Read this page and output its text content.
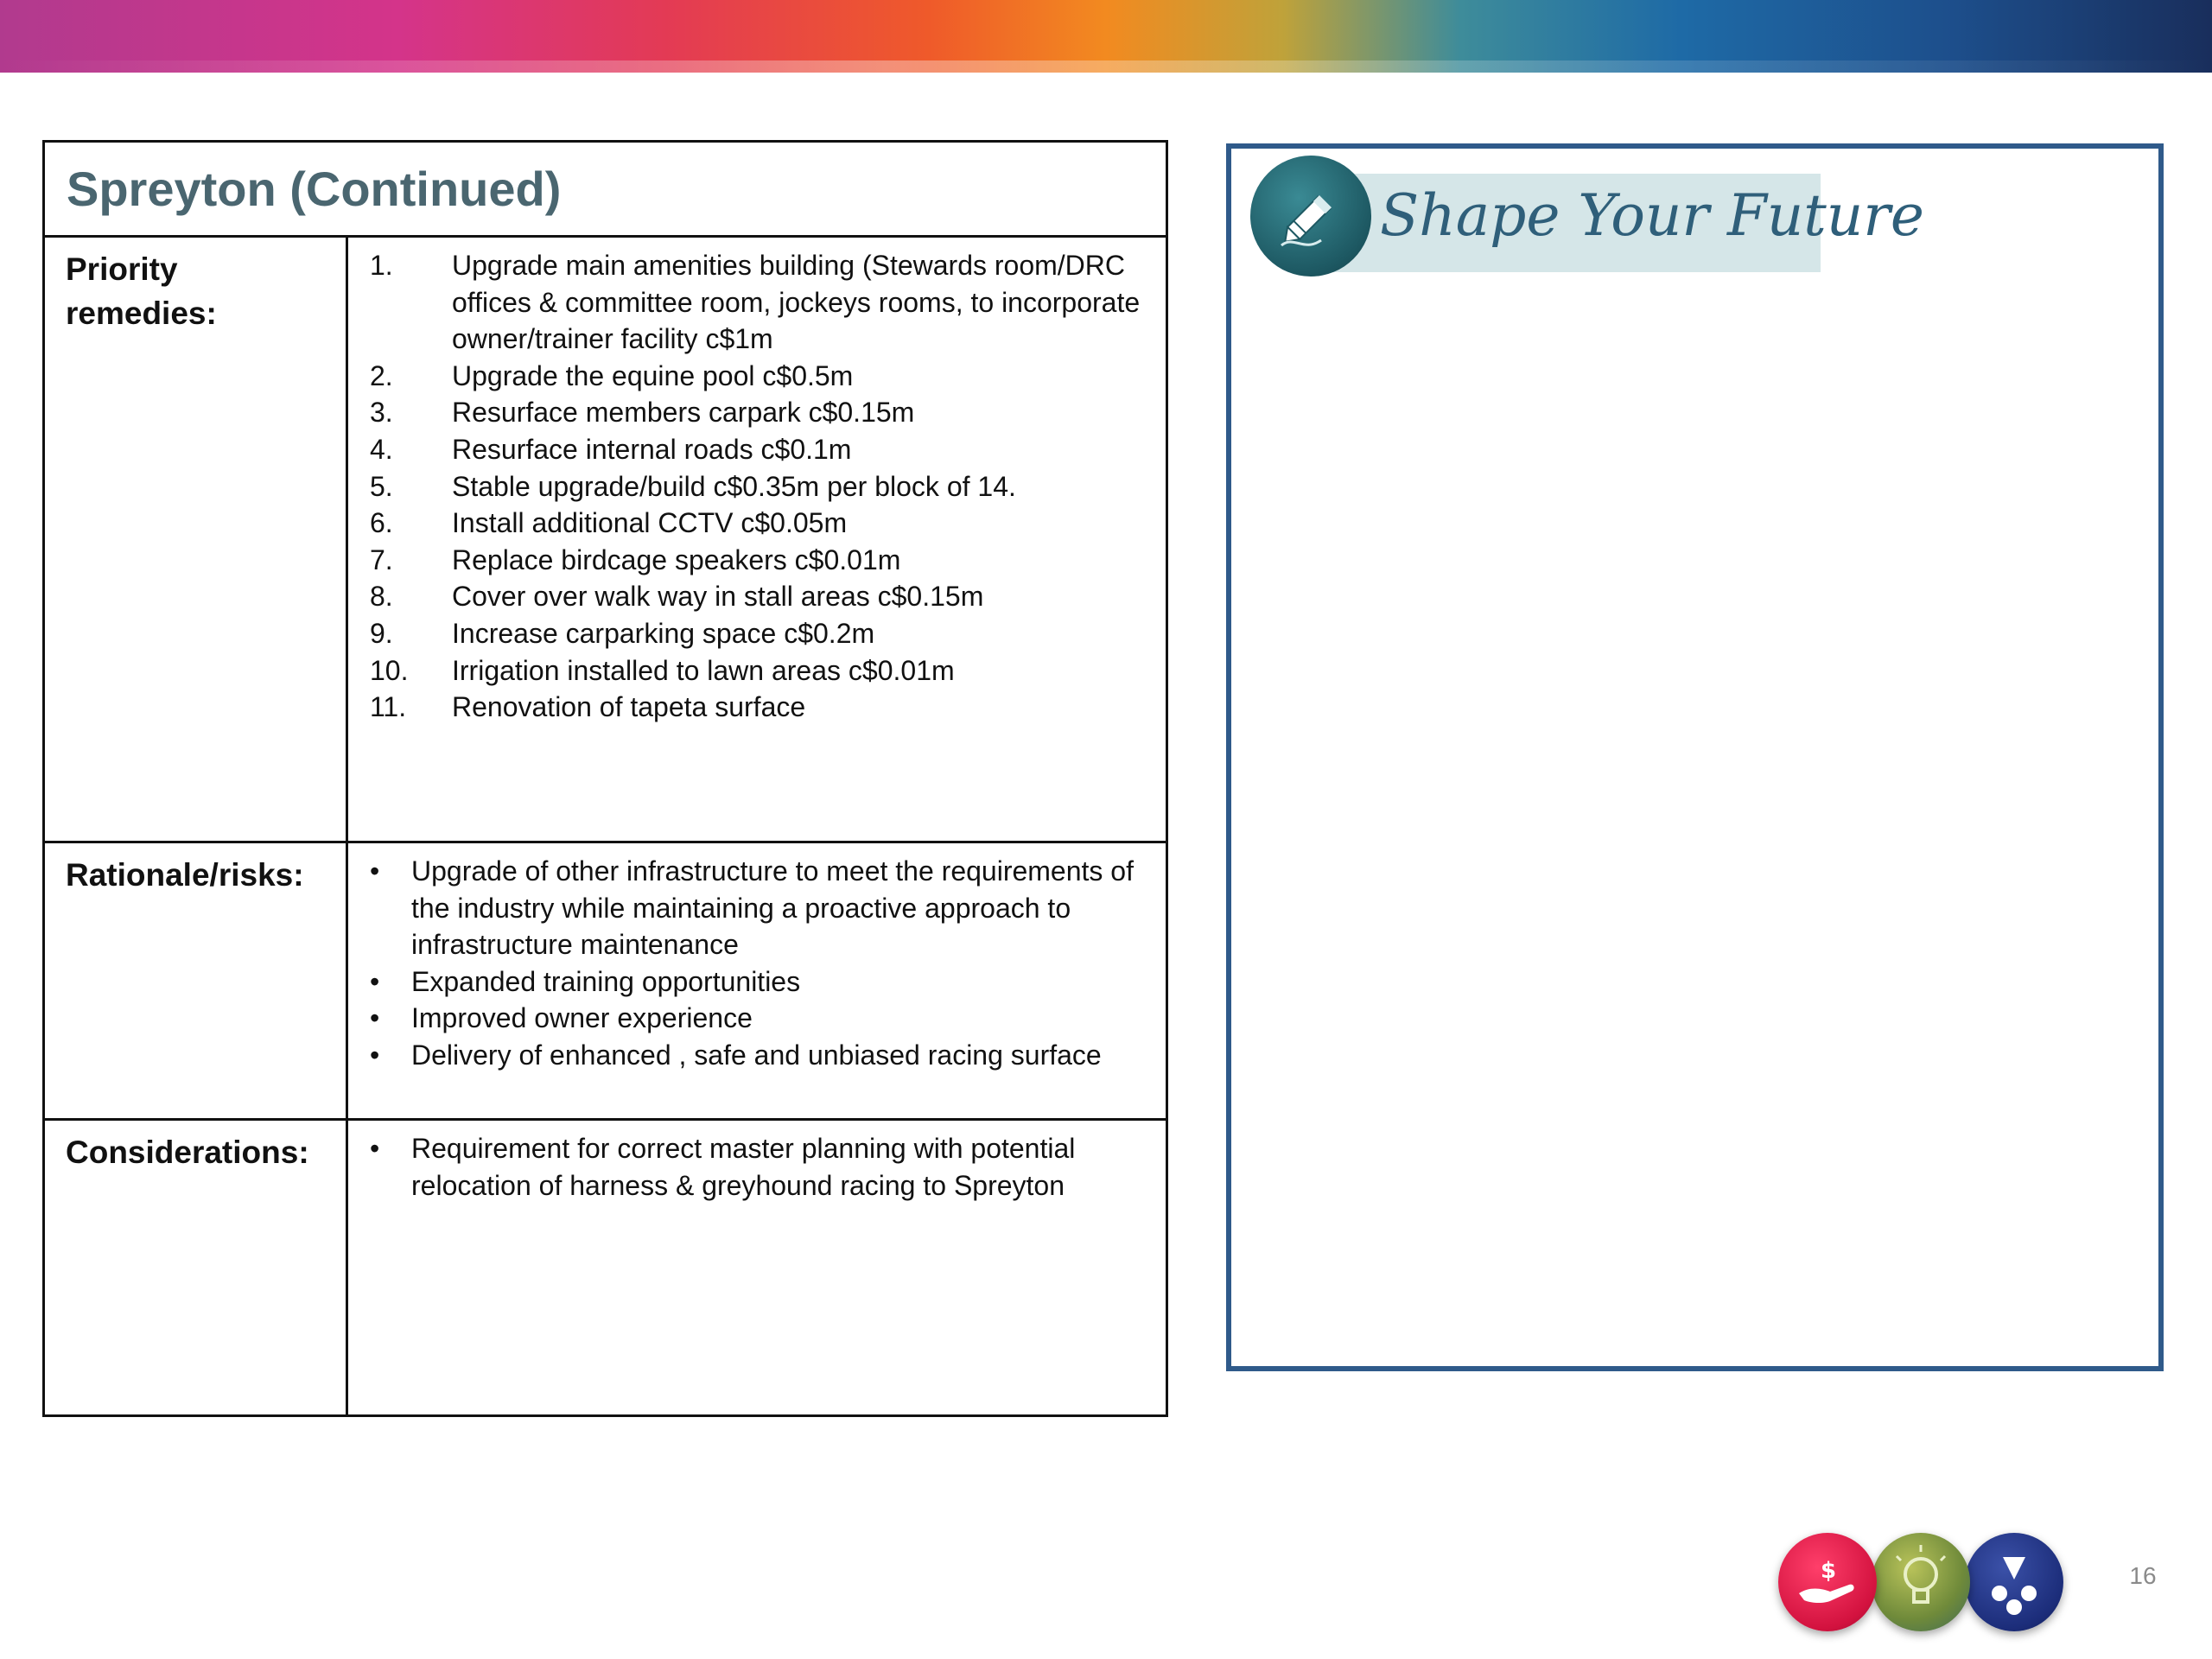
Spreyton (Continued)
Priority remedies:
1. Upgrade main amenities building (Stewards room/DRC offices & committee room, jockeys rooms, to incorporate owner/trainer facility c$1m
2. Upgrade the equine pool c$0.5m
3. Resurface members carpark c$0.15m
4. Resurface internal roads c$0.1m
5. Stable upgrade/build c$0.35m per block of 14.
6. Install additional CCTV c$0.05m
7. Replace birdcage speakers c$0.01m
8. Cover over walk way in stall areas c$0.15m
9. Increase carparking space c$0.2m
10. Irrigation installed to lawn areas c$0.01m
11. Renovation of tapeta surface
Rationale/risks:	• Upgrade of other infrastructure to meet the requirements of the industry while maintaining a proactive approach to infrastructure maintenance
• Expanded training opportunities
• Improved owner experience
• Delivery of enhanced , safe and unbiased racing surface
Considerations:	• Requirement for correct master planning with potential relocation of harness & greyhound racing to Spreyton
Shape Your Future
$	16
